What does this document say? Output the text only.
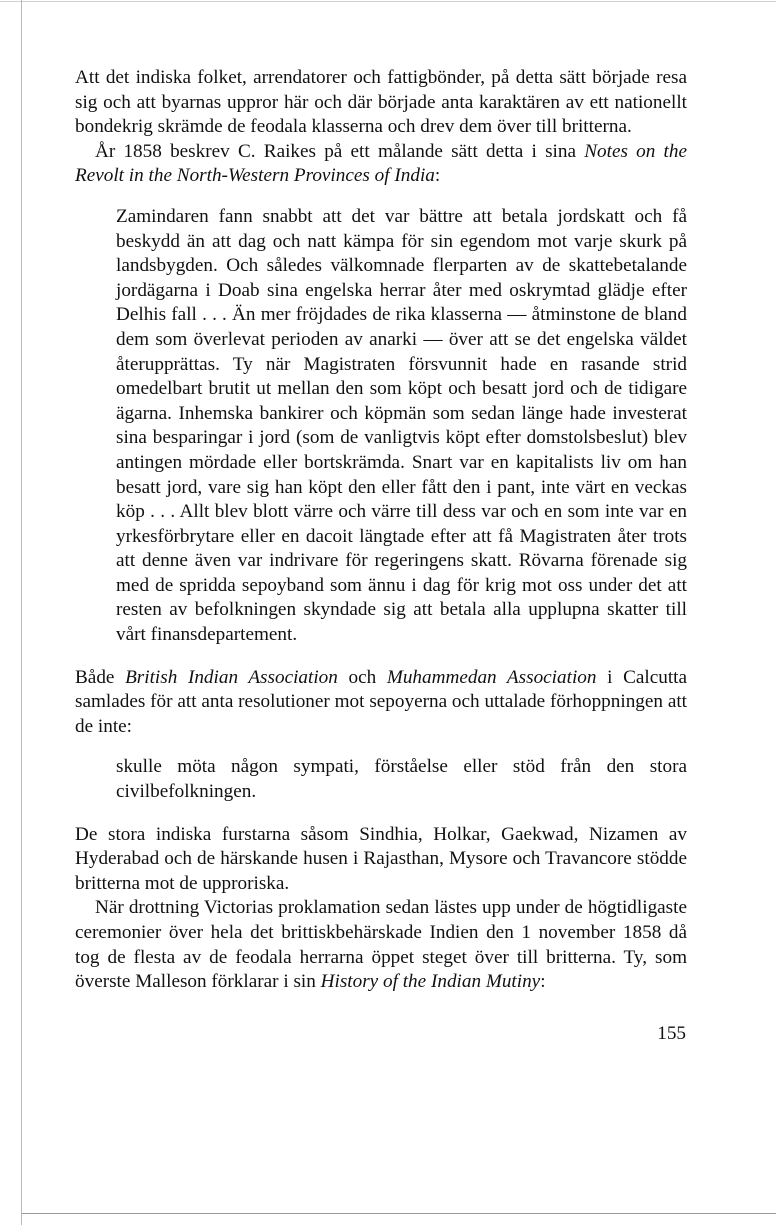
Att det indiska folket, arrendatorer och fattigbönder, på detta sätt började resa sig och att byarnas uppror här och där började anta karaktären av ett nationellt bondekrig skrämde de feodala klasserna och drev dem över till britterna.

År 1858 beskrev C. Raikes på ett målande sätt detta i sina Notes on the Revolt in the North-Western Provinces of India:

Zamindaren fann snabbt att det var bättre att betala jordskatt och få beskydd än att dag och natt kämpa för sin egendom mot varje skurk på landsbygden. Och således välkomnade flerparten av de skattebetalande jordägarna i Doab sina engelska herrar åter med oskrymtad glädje efter Delhis fall . . . Än mer fröjdades de rika klasserna — åtminstone de bland dem som överlevat perioden av anarki — över att se det engelska väldet återupprättas. Ty när Magistraten försvunnit hade en rasande strid omedelbart brutit ut mellan den som köpt och besatt jord och de tidigare ägarna. Inhemska bankirer och köpmän som sedan länge hade investerat sina besparingar i jord (som de vanligtvis köpt efter domstolsbeslut) blev antingen mördade eller bortskrämda. Snart var en kapitalists liv om han besatt jord, vare sig han köpt den eller fått den i pant, inte värt en veckas köp . . . Allt blev blott värre och värre till dess var och en som inte var en yrkesförbrytare eller en dacoit längtade efter att få Magistraten åter trots att denne även var indrivare för regeringens skatt. Rövarna förenade sig med de spridda sepoyband som ännu i dag för krig mot oss under det att resten av befolkningen skyndade sig att betala alla upplupna skatter till vårt finansdepartement.

Både British Indian Association och Muhammedan Association i Calcutta samlades för att anta resolutioner mot sepoyerna och uttalade förhoppningen att de inte:

skulle möta någon sympati, förståelse eller stöd från den stora civilbefolkningen.

De stora indiska furstarna såsom Sindhia, Holkar, Gaekwad, Nizamen av Hyderabad och de härskande husen i Rajasthan, Mysore och Travancore stödde britterna mot de upproriska.

När drottning Victorias proklamation sedan lästes upp under de högtidligaste ceremonier över hela det brittiskbehärskade Indien den 1 november 1858 då tog de flesta av de feodala herrarna öppet steget över till britterna. Ty, som överste Malleson förklarar i sin History of the Indian Mutiny:

155
